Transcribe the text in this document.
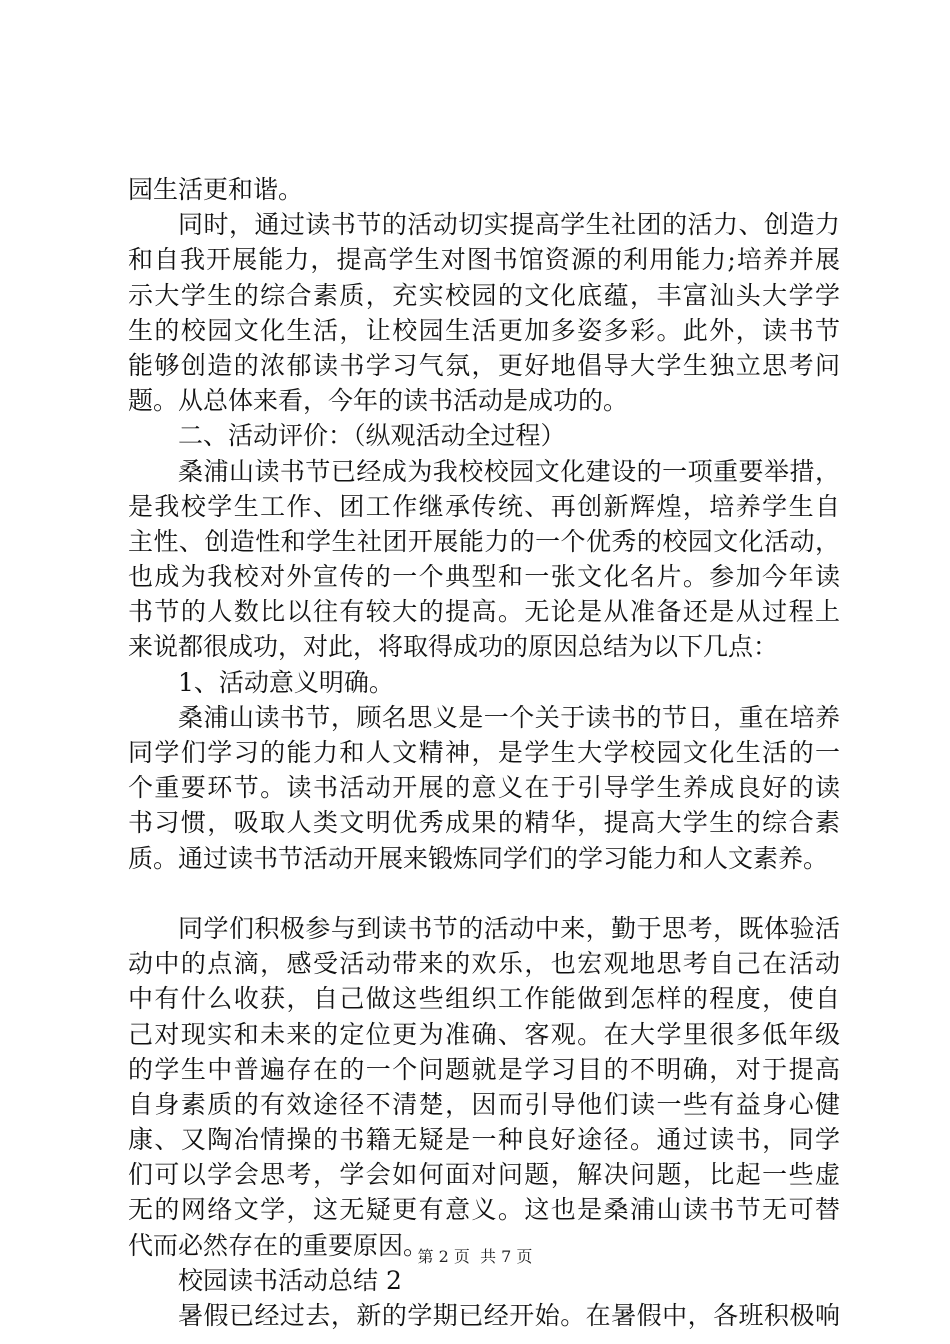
园生活更和谐。
同时，通过读书节的活动切实提高学生社团的活力、创造力
和自我开展能力，提高学生对图书馆资源的利用能力;培养并展
示大学生的综合素质，充实校园的文化底蕴，丰富汕头大学学
生的校园文化生活，让校园生活更加多姿多彩。此外，读书节
能够创造的浓郁读书学习气氛，更好地倡导大学生独立思考问
题。从总体来看，今年的读书活动是成功的。
二、活动评价：（纵观活动全过程）
桑浦山读书节已经成为我校校园文化建设的一项重要举措，
是我校学生工作、团工作继承传统、再创新辉煌，培养学生自
主性、创造性和学生社团开展能力的一个优秀的校园文化活动，
也成为我校对外宣传的一个典型和一张文化名片。参加今年读
书节的人数比以往有较大的提高。无论是从准备还是从过程上
来说都很成功，对此，将取得成功的原因总结为以下几点：
1、活动意义明确。
桑浦山读书节，顾名思义是一个关于读书的节日，重在培养
同学们学习的能力和人文精神，是学生大学校园文化生活的一
个重要环节。读书活动开展的意义在于引导学生养成良好的读
书习惯，吸取人类文明优秀成果的精华，提高大学生的综合素
质。通过读书节活动开展来锻炼同学们的学习能力和人文素养。
同学们积极参与到读书节的活动中来，勤于思考，既体验活
动中的点滴，感受活动带来的欢乐，也宏观地思考自己在活动
中有什么收获，自己做这些组织工作能做到怎样的程度，使自
己对现实和未来的定位更为准确、客观。在大学里很多低年级
的学生中普遍存在的一个问题就是学习目的不明确，对于提高
自身素质的有效途径不清楚，因而引导他们读一些有益身心健
康、又陶冶情操的书籍无疑是一种良好途径。通过读书，同学
们可以学会思考，学会如何面对问题，解决问题，比起一些虚
无的网络文学，这无疑更有意义。这也是桑浦山读书节无可替
代而必然存在的重要原因。
校园读书活动总结 2
暑假已经过去，新的学期已经开始。在暑假中，各班积极响
第 2 页  共 7 页
